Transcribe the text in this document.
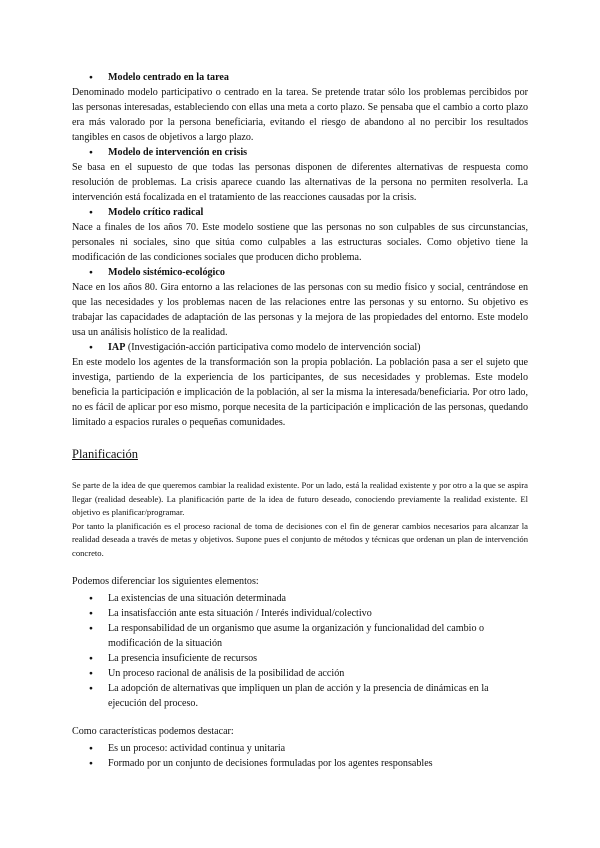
● Modelo centrado en la tarea

Denominado modelo participativo o centrado en la tarea. Se pretende tratar sólo los problemas percibidos por las personas interesadas, estableciendo con ellas una meta a corto plazo. Se pensaba que el cambio a corto plazo era más valorado por la persona beneficiaria, evitando el riesgo de abandono al no percibir los resultados tangibles en casos de objetivos a largo plazo.

● Modelo de intervención en crisis

Se basa en el supuesto de que todas las personas disponen de diferentes alternativas de respuesta como resolución de problemas. La crisis aparece cuando las alternativas de la persona no permiten resolverla. La intervención está focalizada en el tratamiento de las reacciones causadas por la crisis.

● Modelo crítico radical

Nace a finales de los años 70. Este modelo sostiene que las personas no son culpables de sus circunstancias, personales ni sociales, sino que sitúa como culpables a las estructuras sociales. Como objetivo tiene la modificación de las condiciones sociales que producen dicho problema.

● Modelo sistémico-ecológico

Nace en los años 80. Gira entorno a las relaciones de las personas con su medio físico y social, centrándose en que las necesidades y los problemas nacen de las relaciones entre las personas y su entorno. Su objetivo es trabajar las capacidades de adaptación de las personas y la mejora de las propiedades del entorno. Este modelo usa un análisis holístico de la realidad.

● IAP (Investigación-acción participativa como modelo de intervención social)

En este modelo los agentes de la transformación son la propia población. La población pasa a ser el sujeto que investiga, partiendo de la experiencia de los participantes, de sus necesidades y problemas. Este modelo beneficia la participación e implicación de la población, al ser la misma la interesada/beneficiaria. Por otro lado, no es fácil de aplicar por eso mismo, porque necesita de la participación e implicación de las personas, quedando limitado a espacios rurales o pequeñas comunidades.

Planificación

Se parte de la idea de que queremos cambiar la realidad existente. Por un lado, está la realidad existente y por otro a la que se aspira llegar (realidad deseable). La planificación parte de la idea de futuro deseado, conociendo previamente la realidad existente. El objetivo es planificar/programar.

Por tanto la planificación es el proceso racional de toma de decisiones con el fin de generar cambios necesarios para alcanzar la realidad deseada a través de metas y objetivos. Supone pues el conjunto de métodos y técnicas que ordenan un plan de intervención concreto.

Podemos diferenciar los siguientes elementos:

● La existencias de una situación determinada
● La insatisfacción ante esta situación / Interés individual/colectivo
● La responsabilidad de un organismo que asume la organización y funcionalidad del cambio o modificación de la situación
● La presencia insuficiente de recursos
● Un proceso racional de análisis de la posibilidad de acción
● La adopción de alternativas que impliquen un plan de acción y la presencia de dinámicas en la ejecución del proceso.

Como características podemos destacar:

● Es un proceso: actividad continua y unitaria
● Formado por un conjunto de decisiones formuladas por los agentes responsables
